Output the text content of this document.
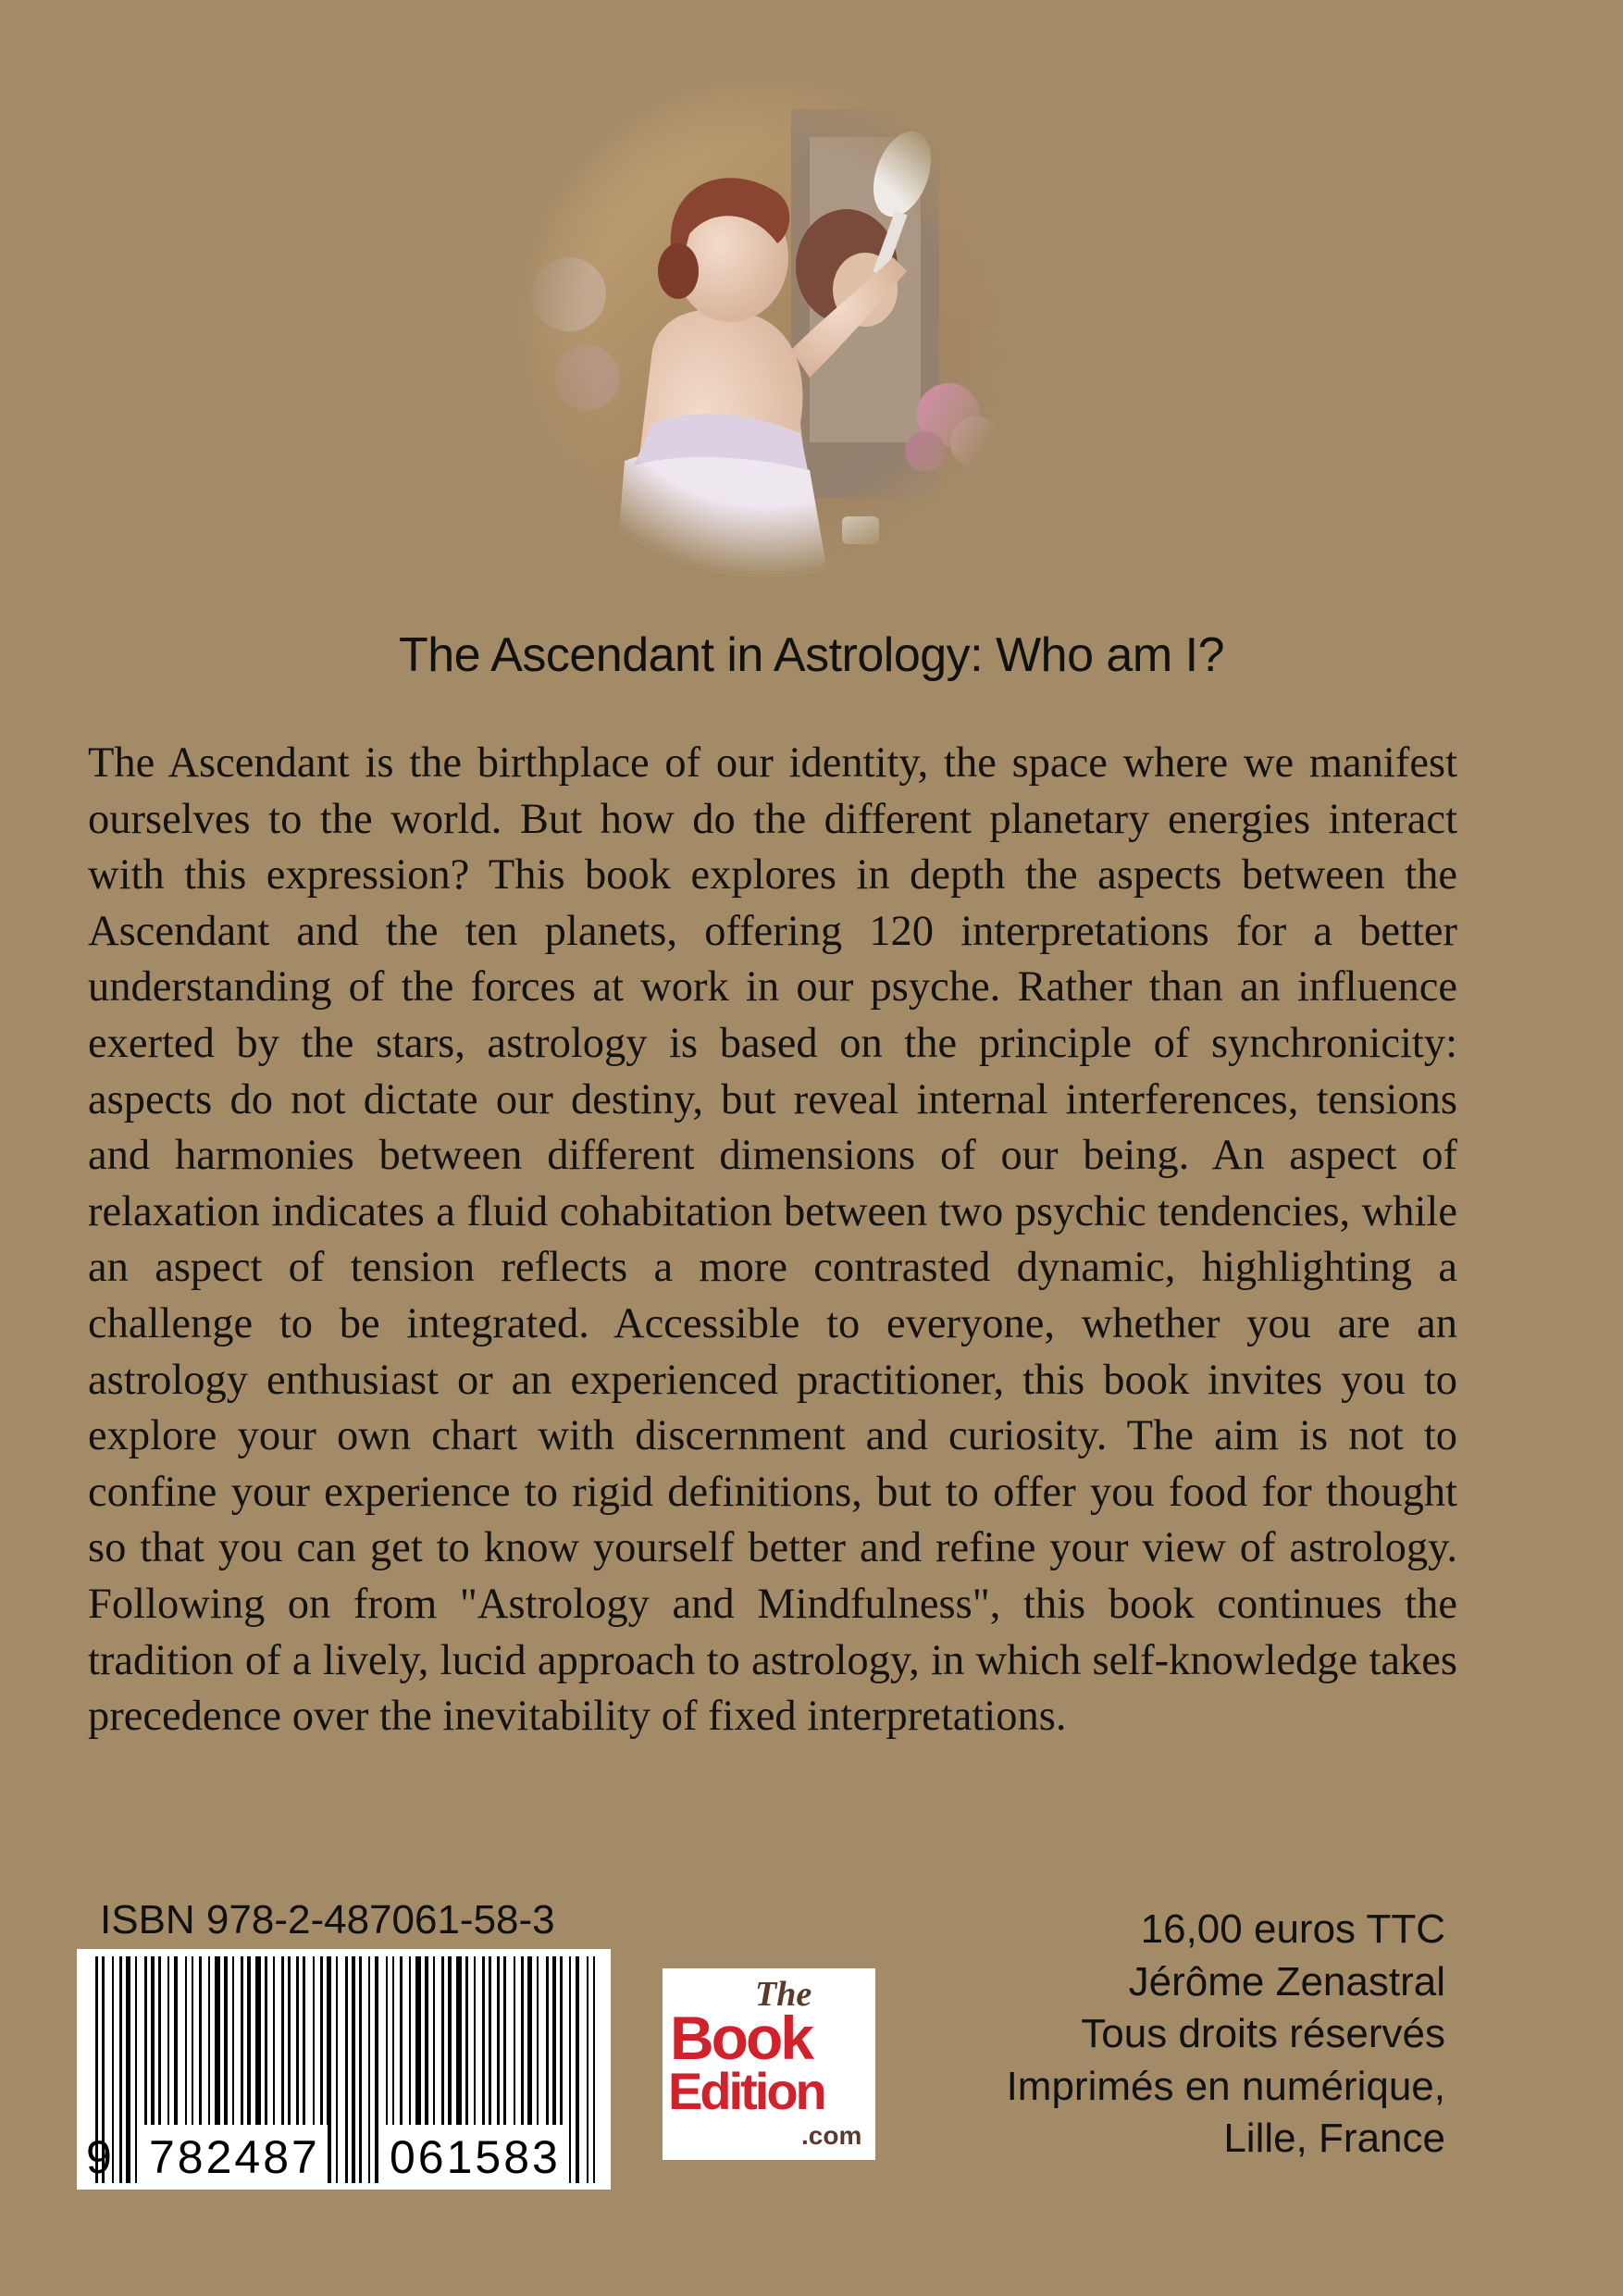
The Ascendant in Astrology: Who am I?

The Ascendant is the birthplace of our identity, the space where we manifest ourselves to the world. But how do the different planetary energies interact with this expression? This book explores in depth the aspects between the Ascendant and the ten planets, offering 120 interpretations for a better understanding of the forces at work in our psyche. Rather than an influence exerted by the stars, astrology is based on the principle of synchronicity: aspects do not dictate our destiny, but reveal internal interferences, tensions and harmonies between different dimensions of our being. An aspect of relaxation indicates a fluid cohabitation between two psychic tendencies, while an aspect of tension reflects a more contrasted dynamic, highlighting a challenge to be integrated. Accessible to everyone, whether you are an astrology enthusiast or an experienced practitioner, this book invites you to explore your own chart with discernment and curiosity. The aim is not to confine your experience to rigid definitions, but to offer you food for thought so that you can get to know yourself better and refine your view of astrology. Following on from "Astrology and Mindfulness", this book continues the tradition of a lively, lucid approach to astrology, in which self-knowledge takes precedence over the inevitability of fixed interpretations.

ISBN 978-2-487061-58-3
9 782487 061583
The
Book
Edition
.com
16,00 euros TTC
Jérôme Zenastral
Tous droits réservés
Imprimés en numérique,
Lille, France
